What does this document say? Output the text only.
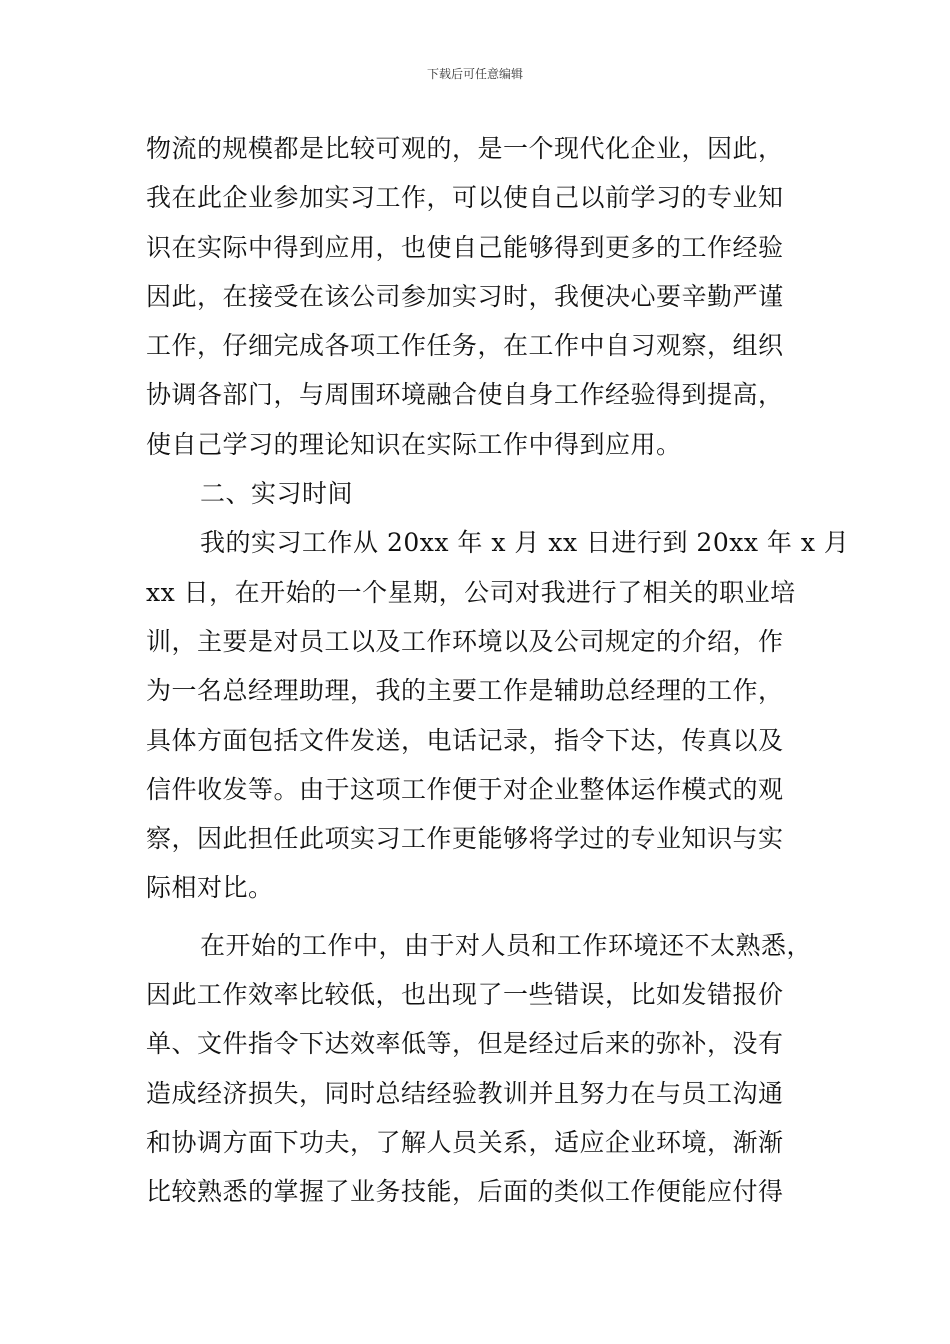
下载后可任意编辑
物流的规模都是比较可观的，是一个现代化企业，因此，
我在此企业参加实习工作，可以使自己以前学习的专业知
识在实际中得到应用，也使自己能够得到更多的工作经验
因此，在接受在该公司参加实习时，我便决心要辛勤严谨
工作，仔细完成各项工作任务，在工作中自习观察，组织
协调各部门，与周围环境融合使自身工作经验得到提高，
使自己学习的理论知识在实际工作中得到应用。
二、实习时间
我的实习工作从 20xx 年 x 月 xx 日进行到 20xx 年 x 月
xx 日，在开始的一个星期，公司对我进行了相关的职业培
训，主要是对员工以及工作环境以及公司规定的介绍，作
为一名总经理助理，我的主要工作是辅助总经理的工作，
具体方面包括文件发送，电话记录，指令下达，传真以及
信件收发等。由于这项工作便于对企业整体运作模式的观
察，因此担任此项实习工作更能够将学过的专业知识与实
际相对比。
在开始的工作中，由于对人员和工作环境还不太熟悉，
因此工作效率比较低，也出现了一些错误，比如发错报价
单、文件指令下达效率低等，但是经过后来的弥补，没有
造成经济损失，同时总结经验教训并且努力在与员工沟通
和协调方面下功夫，了解人员关系，适应企业环境，渐渐
比较熟悉的掌握了业务技能，后面的类似工作便能应付得
